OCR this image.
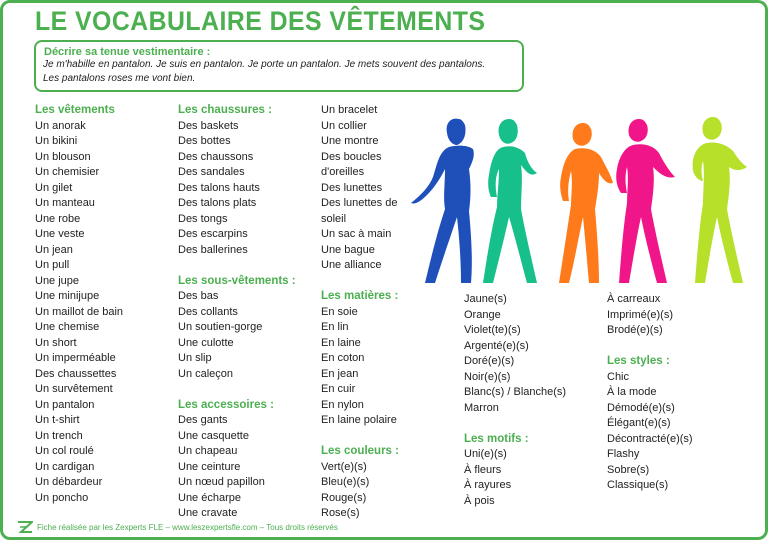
LE VOCABULAIRE DES VÊTEMENTS
Décrire sa tenue vestimentaire :
Je m'habille en pantalon. Je suis en pantalon. Je porte un pantalon. Je mets souvent des pantalons.
Les pantalons roses me vont bien.
Les vêtements
Un anorak
Un bikini
Un blouson
Un chemisier
Un gilet
Un manteau
Une robe
Une veste
Un jean
Un pull
Une jupe
Une minijupe
Un maillot de bain
Une chemise
Un short
Un imperméable
Des chaussettes
Un survêtement
Un pantalon
Un t-shirt
Un trench
Un col roulé
Un cardigan
Un débardeur
Un poncho
Les chaussures :
Des baskets
Des bottes
Des chaussons
Des sandales
Des talons hauts
Des talons plats
Des tongs
Des escarpins
Des ballerines
Les sous-vêtements :
Des bas
Des collants
Un soutien-gorge
Une culotte
Un slip
Un caleçon
Les accessoires :
Des gants
Une casquette
Un chapeau
Une ceinture
Un nœud papillon
Une écharpe
Une cravate
Un bracelet
Un collier
Une montre
Des boucles
d'oreilles
Des lunettes
Des lunettes de
soleil
Un sac à main
Une bague
Une alliance
Les matières :
En soie
En lin
En laine
En coton
En jean
En cuir
En nylon
En laine polaire
Les couleurs :
Vert(e)(s)
Bleu(e)(s)
Rouge(s)
Rose(s)
Jaune(s)
Orange
Violet(te)(s)
Argenté(e)(s)
Doré(e)(s)
Noir(e)(s)
Blanc(s) / Blanche(s)
Marron
Les motifs :
Uni(e)(s)
À fleurs
À rayures
À pois
À carreaux
Imprimé(e)(s)
Brodé(e)(s)
Les styles :
Chic
À la mode
Démodé(e)(s)
Élégant(e)(s)
Décontracté(e)(s)
Flashy
Sobre(s)
Classique(s)
Fiche réalisée par les Zexperts FLE – www.leszexpertsfle.com – Tous droits réservés
